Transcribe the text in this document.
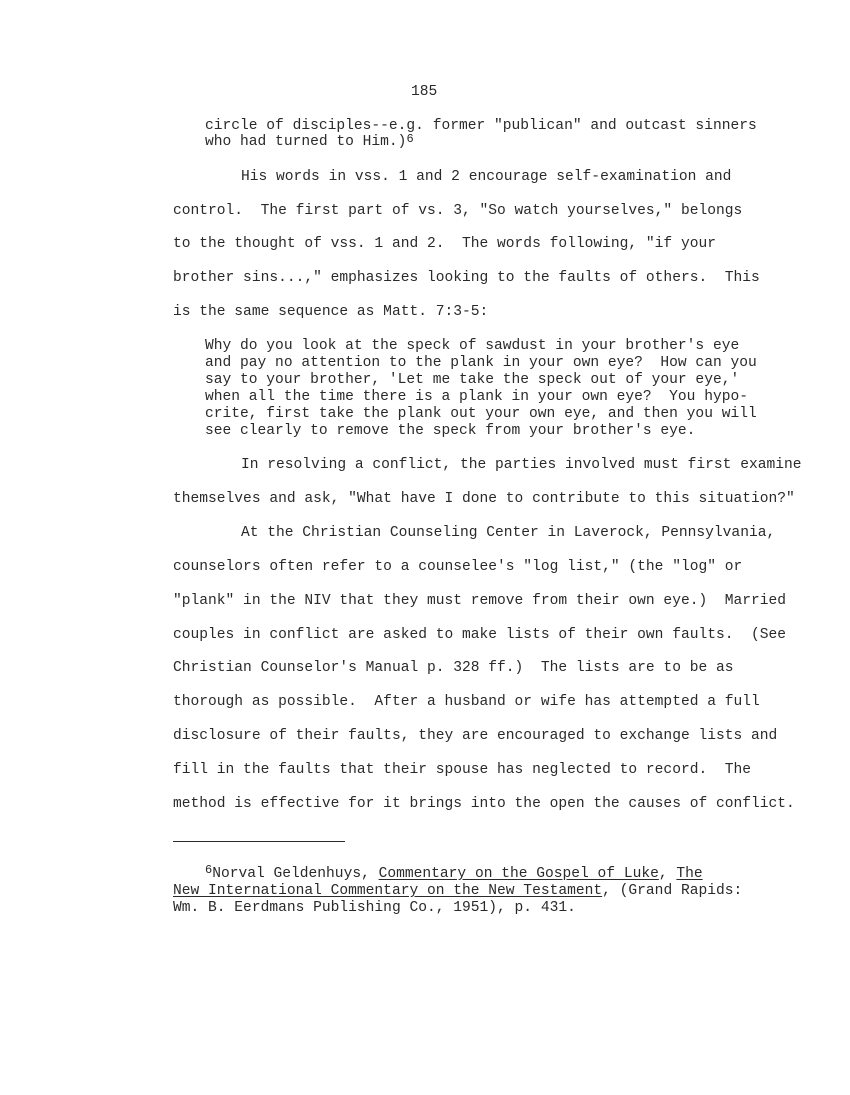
185
circle of disciples--e.g. former "publican" and outcast sinners
who had turned to Him.)$^6$
His words in vss. 1 and 2 encourage self-examination and
control.  The first part of vs. 3, "So watch yourselves," belongs
to the thought of vss. 1 and 2.  The words following, "if your
brother sins...," emphasizes looking to the faults of others.  This
is the same sequence as Matt. 7:3-5:
Why do you look at the speck of sawdust in your brother's eye
and pay no attention to the plank in your own eye?  How can you
say to your brother, 'Let me take the speck out of your eye,'
when all the time there is a plank in your own eye?  You hypo-
crite, first take the plank out your own eye, and then you will
see clearly to remove the speck from your brother's eye.
In resolving a conflict, the parties involved must first examine
themselves and ask, "What have I done to contribute to this situation?"
At the Christian Counseling Center in Laverock, Pennsylvania,
counselors often refer to a counselee's "log list," (the "log" or
"plank" in the NIV that they must remove from their own eye.)  Married
couples in conflict are asked to make lists of their own faults.  (See
Christian Counselor's Manual p. 328 ff.)  The lists are to be as
thorough as possible.  After a husband or wife has attempted a full
disclosure of their faults, they are encouraged to exchange lists and
fill in the faults that their spouse has neglected to record.  The
method is effective for it brings into the open the causes of conflict.
$^6$Norval Geldenhuys, Commentary on the Gospel of Luke, The
New International Commentary on the New Testament, (Grand Rapids:
Wm. B. Eerdmans Publishing Co., 1951), p. 431.
